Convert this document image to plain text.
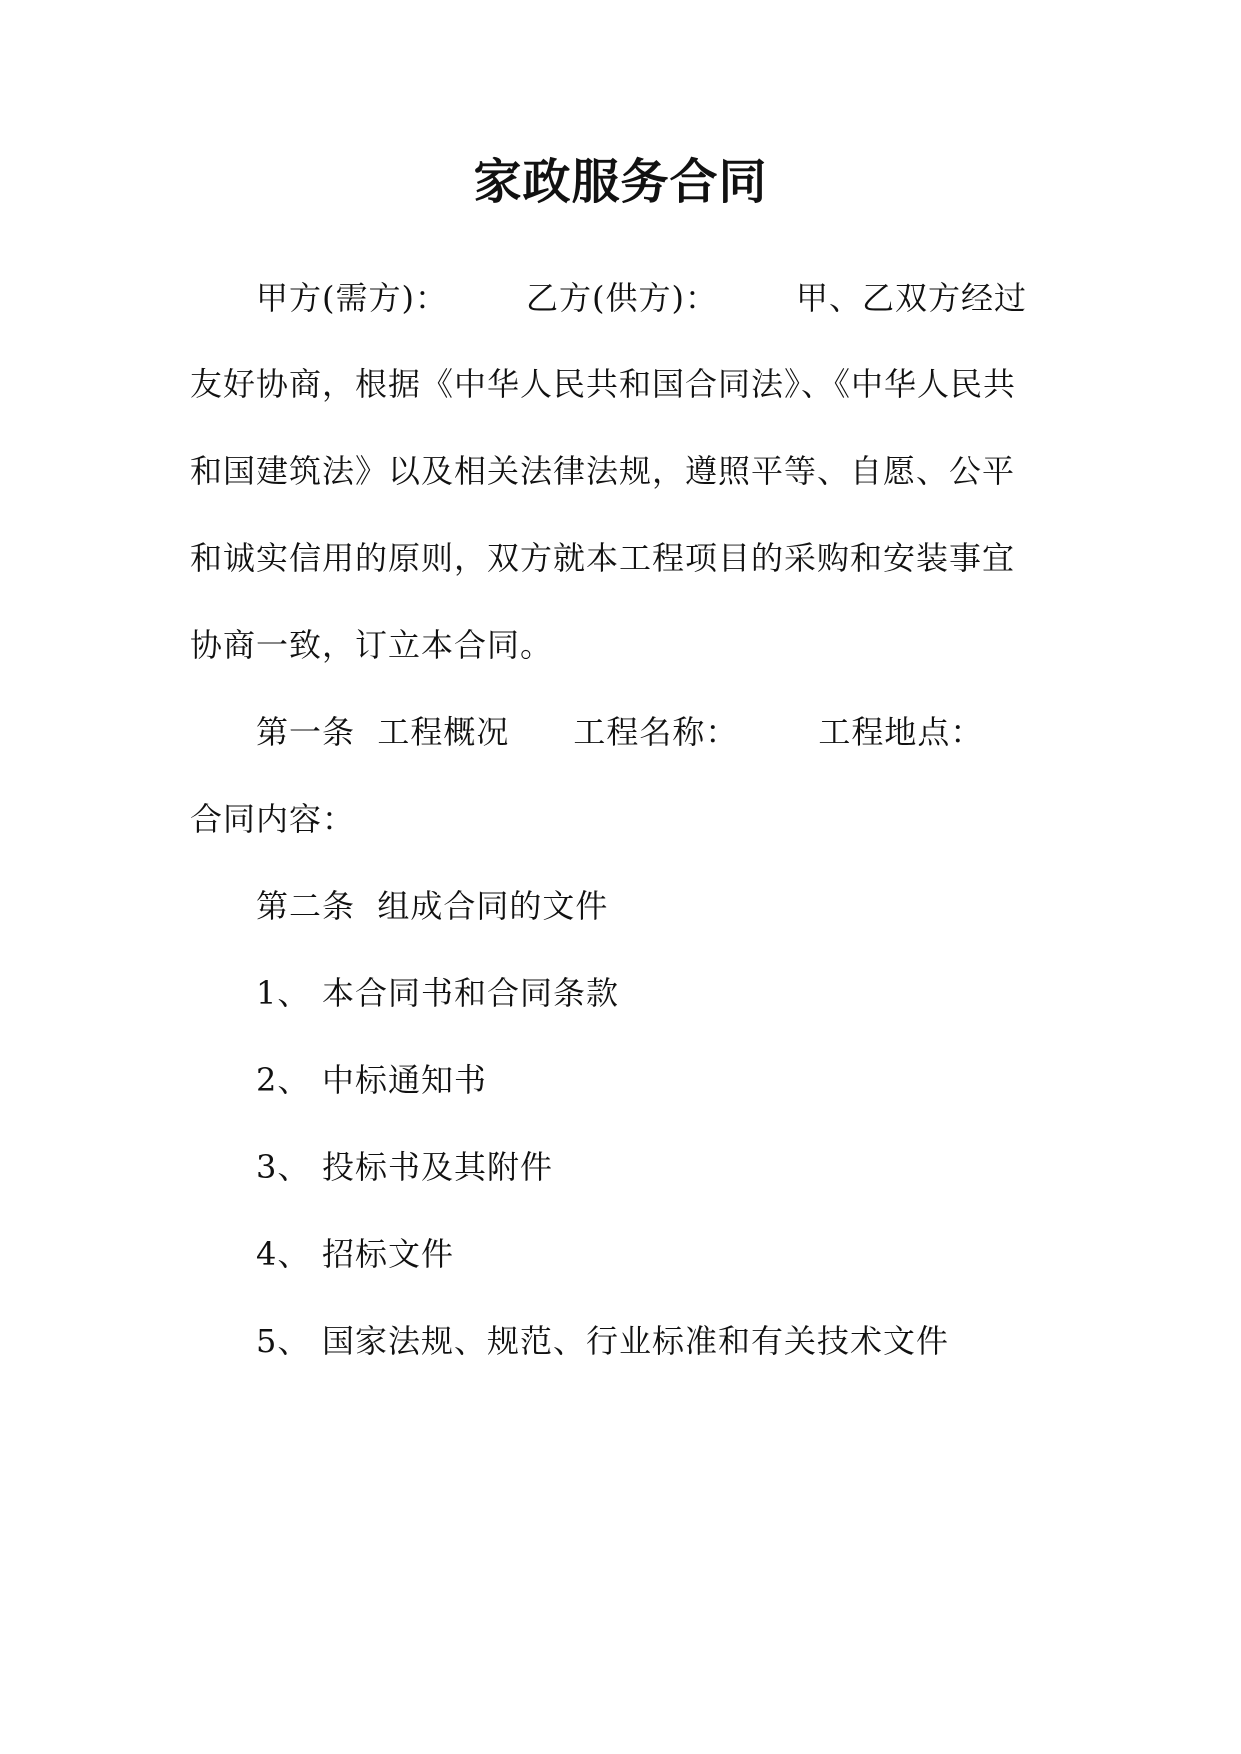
家政服务合同
甲方(需方)： 乙方(供方)： 甲、乙双方经过
友好协商，根据《中华人民共和国合同法》、《中华人民共
和国建筑法》以及相关法律法规，遵照平等、自愿、公平
和诚实信用的原则，双方就本工程项目的采购和安装事宜
协商一致，订立本合同。
第一条  工程概况 工程名称：	工程地点：
合同内容：
第二条  组成合同的文件
1、 本合同书和合同条款
2、 中标通知书
3、 投标书及其附件
4、 招标文件
5、 国家法规、规范、行业标准和有关技术文件
